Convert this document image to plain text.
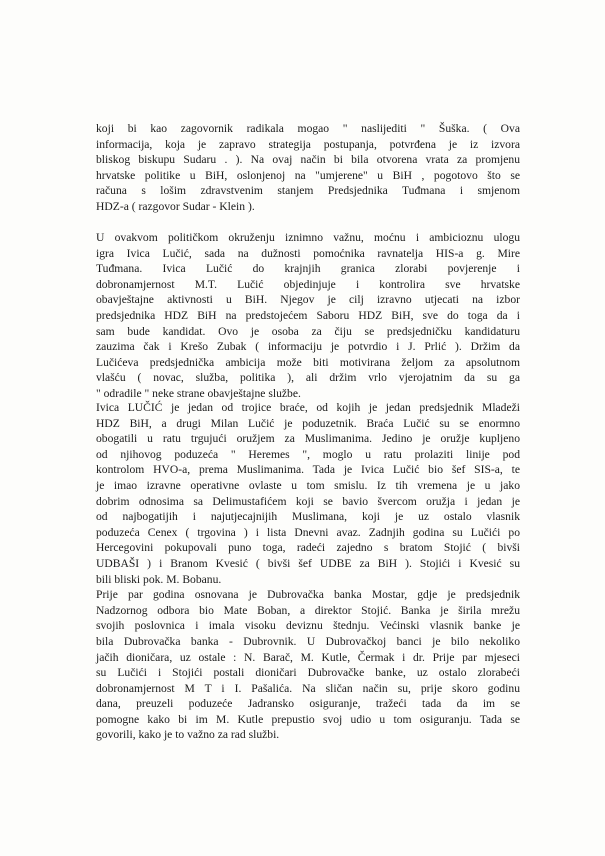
koji bi kao zagovornik radikala mogao " naslijediti " Šuška. ( Ova
informacija, koja je zapravo strategija postupanja, potvrđena je iz izvora
bliskog biskupu Sudaru . ). Na ovaj način bi bila otvorena vrata za promjenu
hrvatske politike u BiH, oslonjenoj na "umjerene" u BiH , pogotovo što se
računa s lošim zdravstvenim stanjem Predsjednika Tuđmana i smjenom
HDZ-a ( razgovor Sudar - Klein ).
U ovakvom političkom okruženju iznimno važnu, moćnu i ambicioznu ulogu
igra Ivica Lučić, sada na dužnosti pomoćnika ravnatelja HIS-a g. Mire
Tuđmana. Ivica Lučić do krajnjih granica zlorabi povjerenje i
dobronamjernost M.T. Lučić objedinjuje i kontrolira sve hrvatske
obavještajne aktivnosti u BiH. Njegov je cilj izravno utjecati na izbor
predsjednika HDZ BiH na predstojećem Saboru HDZ BiH, sve do toga da i
sam bude kandidat. Ovo je osoba za čiju se predsjedničku kandidaturu
zauzima čak i Krešo Zubak ( informaciju je potvrdio i J. Prlić ). Držim da
Lučićeva predsjednička ambicija može biti motivirana željom za apsolutnom
vlašću ( novac, služba, politika ), ali držim vrlo vjerojatnim da su ga
" odradile " neke strane obavještajne službe.
Ivica LUČIĆ je jedan od trojice braće, od kojih je jedan predsjednik Mladeži
HDZ BiH, a drugi Milan Lučić je poduzetnik. Braća Lučić su se enormno
obogatili u ratu trgujući oružjem za Muslimanima. Jedino je oružje kupljeno
od njihovog poduzeća " Heremes ", moglo u ratu prolaziti linije pod
kontrolom HVO-a, prema Muslimanima. Tada je Ivica Lučić bio šef SIS-a, te
je imao izravne operativne ovlaste u tom smislu. Iz tih vremena je u jako
dobrim odnosima sa Delimustafićem koji se bavio švercom oružja i jedan je
od najbogatijih i najutjecajnijih Muslimana, koji je uz ostalo vlasnik
poduzeća Cenex ( trgovina ) i lista Dnevni avaz. Zadnjih godina su Lučići po
Hercegovini pokupovali puno toga, radeći zajedno s bratom Stojić ( bivši
UDBAŠI ) i Branom Kvesić ( bivši šef UDBE za BiH ). Stojići i Kvesić su
bili bliski pok. M. Bobanu.
Prije par godina osnovana je Dubrovačka banka Mostar, gdje je predsjednik
Nadzornog odbora bio Mate Boban, a direktor Stojić. Banka je širila mrežu
svojih poslovnica i imala visoku deviznu štednju. Većinski vlasnik banke je
bila Dubrovačka banka - Dubrovnik. U Dubrovačkoj banci je bilo nekoliko
jačih dioničara, uz ostale : N. Barač, M. Kutle, Čermak i dr. Prije par mjeseci
su Lučići i Stojići postali dioničari Dubrovačke banke, uz ostalo zlorabeći
dobronamjernost M T i I. Pašalića. Na sličan način su, prije skoro godinu
dana, preuzeli poduzeće Jadransko osiguranje, tražeći tada da im se
pomogne kako bi im M. Kutle prepustio svoj udio u tom osiguranju. Tada se
govorili, kako je to važno za rad službi.
